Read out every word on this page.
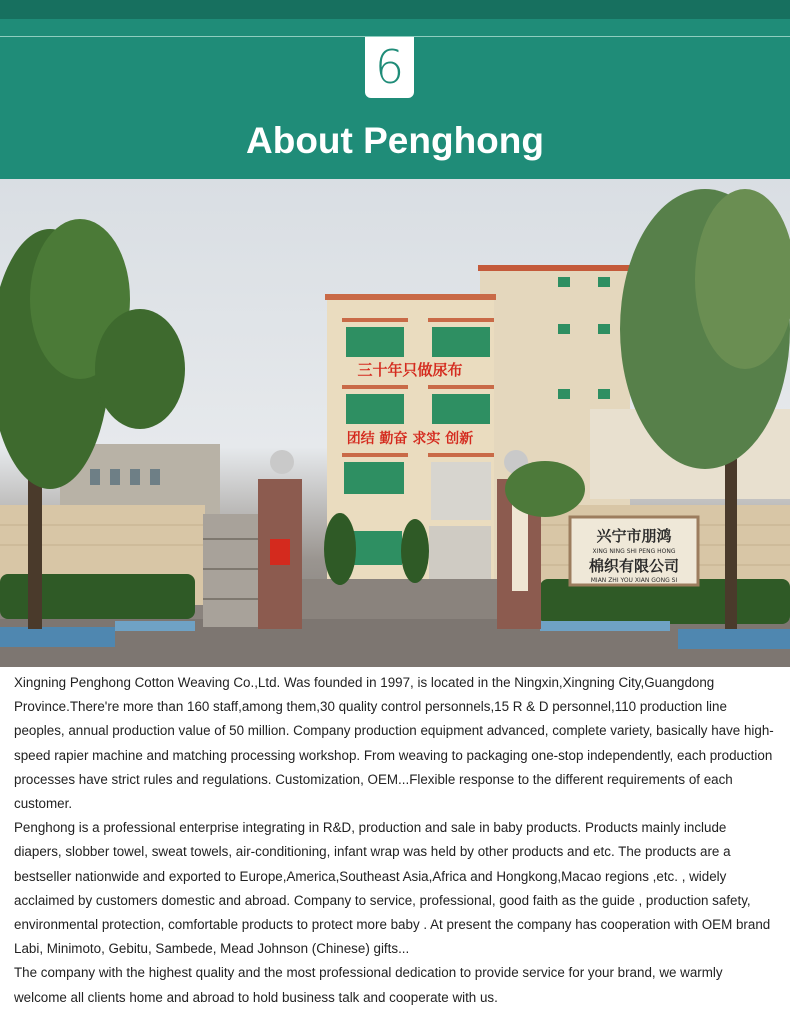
6
About Penghong
三十年只做尿布
团结 勤奋 求实 创新
兴宁市朋鸿
XING NING SHI PENG HONG
棉织有限公司
MIAN ZHI YOU XIAN GONG SI

Xingning Penghong Cotton Weaving Co.,Ltd. Was founded in 1997, is located in the Ningxin,Xingning City,Guangdong Province.There're more than 160 staff,among them,30 quality control personnels,15 R & D personnel,110 production line peoples, annual production value of 50 million. Company production equipment advanced, complete variety, basically have high-speed rapier machine and matching processing workshop. From weaving to packaging one-stop independently, each production processes have strict rules and regulations. Customization, OEM...Flexible response to the different requirements of each customer.

Penghong is a professional enterprise integrating in R&D, production and sale in baby products. Products mainly include diapers, slobber towel, sweat towels, air-conditioning, infant wrap was held by other products and etc. The products are a bestseller nationwide and exported to Europe,America,Southeast Asia,Africa and Hongkong,Macao regions ,etc. , widely acclaimed by customers domestic and abroad. Company to service, professional, good faith as the guide , production safety, environmental protection, comfortable products to protect more baby . At present the company has cooperation with OEM brand Labi, Minimoto, Gebitu, Sambede, Mead Johnson (Chinese) gifts...

The company with the highest quality and the most professional dedication to provide service for your brand, we warmly welcome all clients home and abroad to hold business talk and cooperate with us.
